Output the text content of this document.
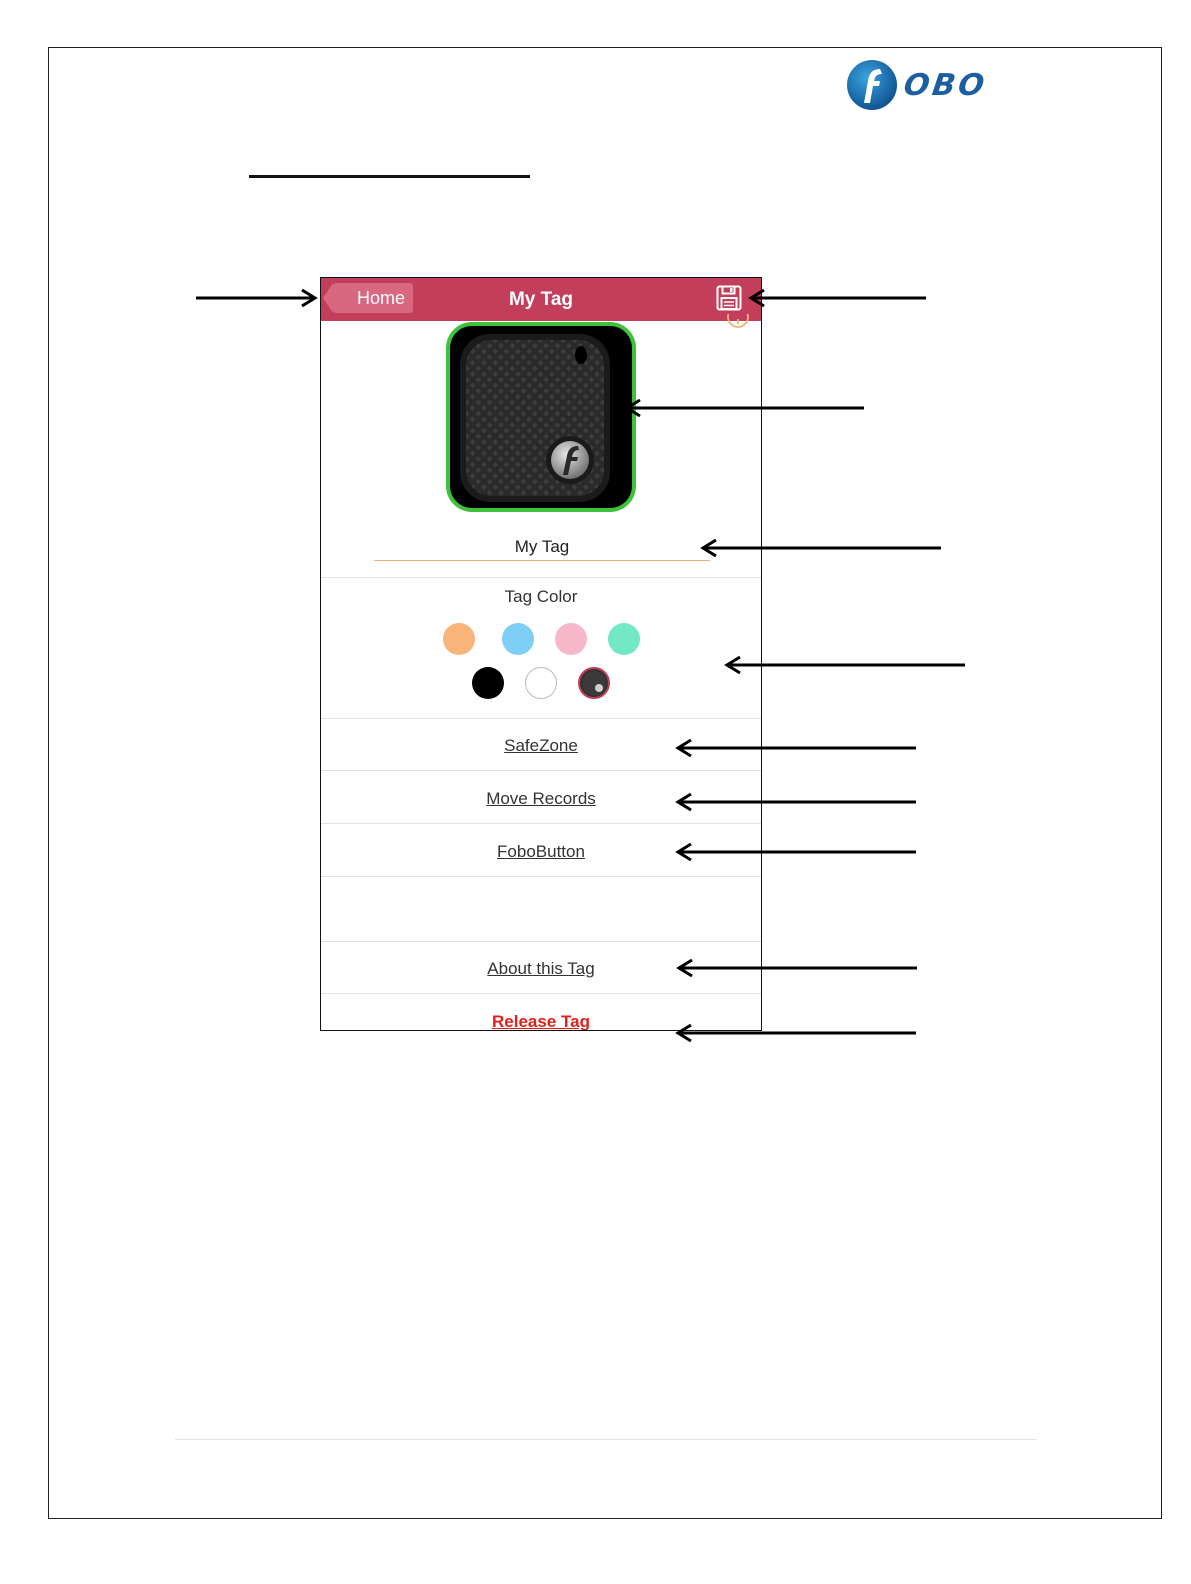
OBO
Home	My Tag
My Tag
Tag Color
SafeZone
Move Records
FoboButton
About this Tag
Release Tag
